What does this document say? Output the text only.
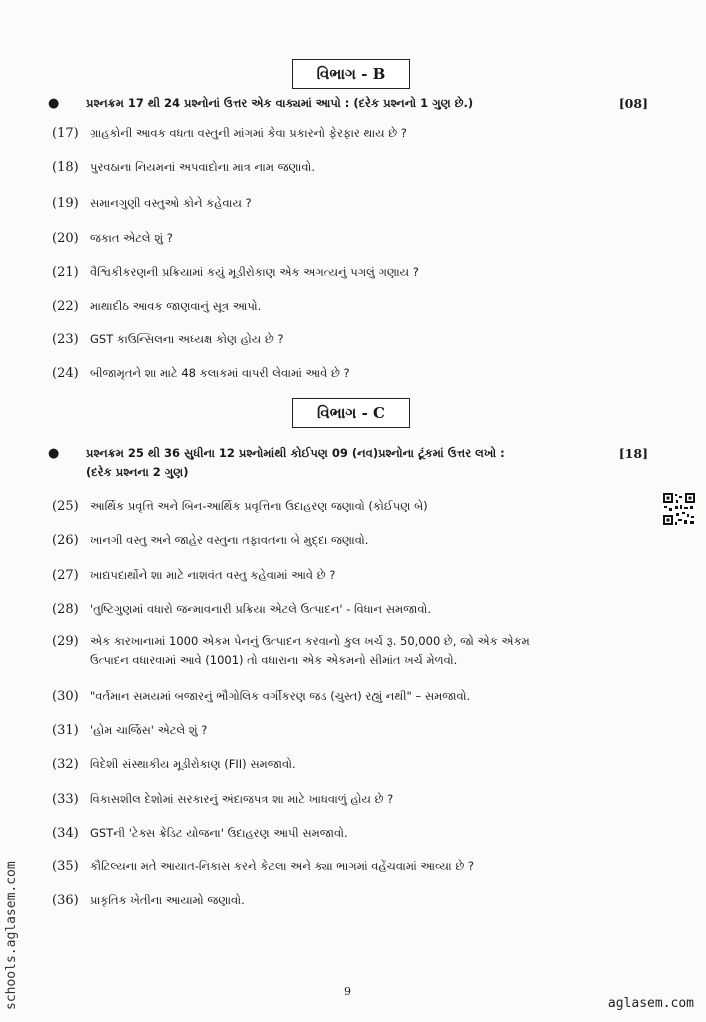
વિભાગ - B
● પ્રશ્નક્રમ 17 થી 24 પ્રશ્નોનાં ઉત્તર એક વાક્યમાં આપો : (દરેક પ્રશ્નનો 1 ગુણ છે.)	[08]
(17) ગ્રાહકોની આવક વધતા વસ્તુની માંગમાં કેવા પ્રકારનો ફેરફાર થાય છે ?
(18) પુરવઠાના નિયમનાં અપવાદોના માત્ર નામ જણાવો.
(19) સમાનગુણી વસ્તુઓ કોને કહેવાય ?
(20) જકાત એટલે શું ?
(21) વૈશ્વિકીકરણની પ્રક્રિયામાં કયું મૂડીરોકાણ એક અગત્યનું પગલું ગણાય ?
(22) માથાદીઠ આવક જાણવાનું સૂત્ર આપો.
(23) GST કાઉન્સિલના અધ્યક્ષ કોણ હોય છે ?
(24) બીજામૃતને શા માટે 48 કલાકમાં વાપરી લેવામાં આવે છે ?
વિભાગ - C
● પ્રશ્નક્રમ 25 થી 36 સુધીના 12 પ્રશ્નોમાંથી કોઈપણ 09 (નવ)પ્રશ્નોના ટૂંકમાં ઉત્તર લખો :
(દરેક પ્રશ્નના 2 ગુણ)
[18]
(25) આર્થિક પ્રવૃત્તિ અને બિન-આર્થિક પ્રવૃત્તિના ઉદાહરણ જણાવો (કોઈપણ બે)
(26) ખાનગી વસ્તુ અને જાહેર વસ્તુના તફાવતના બે મુદ્દા જણાવો.
(27) ખાદ્યપદાર્થોને શા માટે નાશવંત વસ્તુ કહેવામાં આવે છે ?
(28) 'તુષ્ટિગુણમાં વધારો જન્માવનારી પ્રક્રિયા એટલે ઉત્પાદન' - વિધાન સમજાવો.
(29) એક કારખાનામાં 1000 એકમ પેનનું ઉત્પાદન કરવાનો કુલ ખર્ચ રૂ. 50,000 છે, જો એક એકમ
ઉત્પાદન વધારવામાં આવે (1001) તો વધારાના એક એકમનો સીમાંત ખર્ચ મેળવો.
(30) "વર્તમાન સમયમાં બજારનું ભૌગોલિક વર્ગીકરણ જડ (ચુસ્ત) રહ્યું નથી" – સમજાવો.
(31) 'હોમ ચાર્જિસ' એટલે શું ?
(32) વિદેશી સંસ્થાકીય મૂડીરોકાણ (FII) સમજાવો.
(33) વિકાસશીલ દેશોમાં સરકારનું અંદાજપત્ર શા માટે ખાધવાળું હોય છે ?
(34) GSTની 'ટેક્સ ક્રેડિટ યોજના' ઉદાહરણ આપી સમજાવો.
(35) કૌટિલ્યના મતે આયાત-નિકાસ કરને કેટલા અને ક્યા ભાગમાં વહેંચવામાં આવ્યા છે ?
(36) પ્રાકૃતિક ખેતીના આયામો જણાવો.
schools.aglasem.com	9
aglasem.com
